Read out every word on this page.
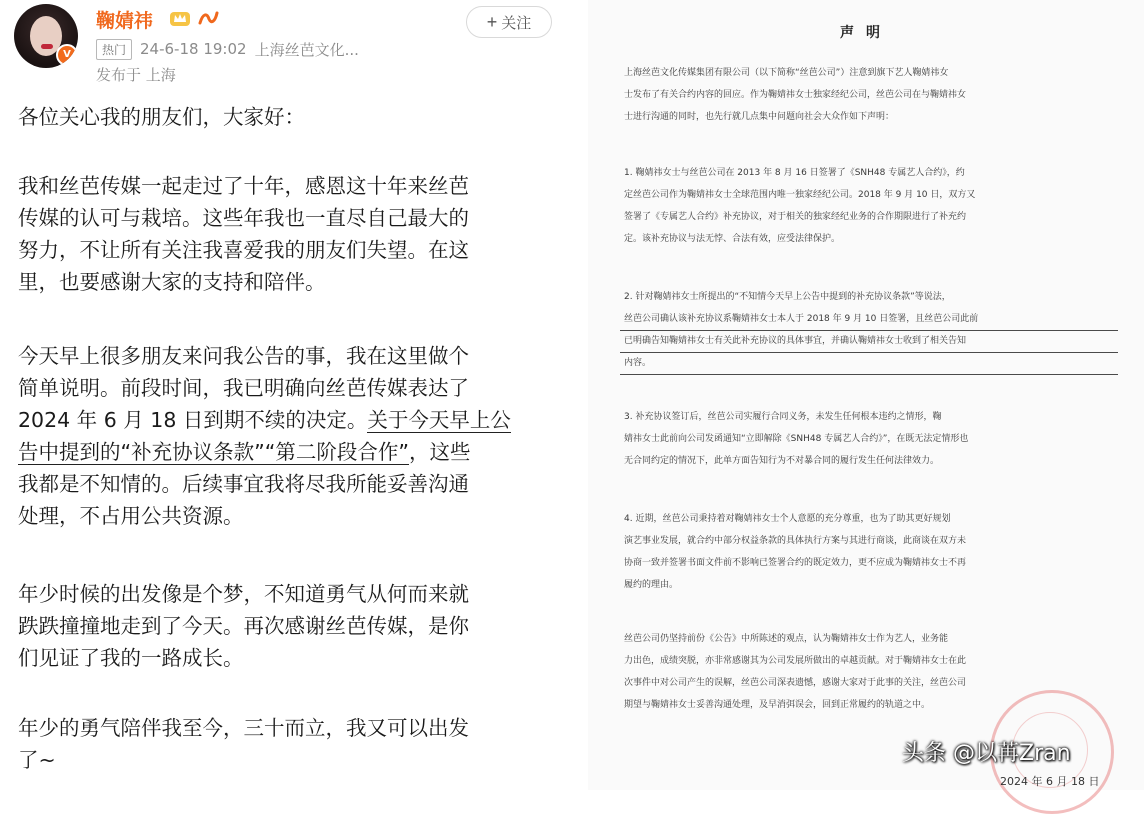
V
鞠婧祎
热门 24-6-18 19:02 上海丝芭文化...
发布于 上海
+ 关注

各位关心我的朋友们，大家好：

我和丝芭传媒一起走过了十年，感恩这十年来丝芭

传媒的认可与栽培。这些年我也一直尽自己最大的

努力，不让所有关注我喜爱我的朋友们失望。在这

里，也要感谢大家的支持和陪伴。

今天早上很多朋友来问我公告的事，我在这里做个

简单说明。前段时间，我已明确向丝芭传媒表达了

2024 年 6 月 18 日到期不续的决定。关于今天早上公

告中提到的“补充协议条款”“第二阶段合作”，这些

我都是不知情的。后续事宜我将尽我所能妥善沟通

处理，不占用公共资源。

年少时候的出发像是个梦，不知道勇气从何而来就

跌跌撞撞地走到了今天。再次感谢丝芭传媒，是你

们见证了我的一路成长。

年少的勇气陪伴我至今，三十而立，我又可以出发

了~

声明

上海丝芭文化传媒集团有限公司（以下简称“丝芭公司”）注意到旗下艺人鞠婧祎女

士发布了有关合约内容的回应。作为鞠婧祎女士独家经纪公司，丝芭公司在与鞠婧祎女

士进行沟通的同时，也先行就几点集中问题向社会大众作如下声明：

1. 鞠婧祎女士与丝芭公司在 2013 年 8 月 16 日签署了《SNH48 专属艺人合约》，约

定丝芭公司作为鞠婧祎女士全球范围内唯一独家经纪公司。2018 年 9 月 10 日，双方又

签署了《专属艺人合约》补充协议，对于相关的独家经纪业务的合作期限进行了补充约

定。该补充协议与法无悖、合法有效，应受法律保护。

2. 针对鞠婧祎女士所提出的“不知情今天早上公告中提到的补充协议条款”等说法，

丝芭公司确认该补充协议系鞠婧祎女士本人于 2018 年 9 月 10 日签署，且丝芭公司此前

已明确告知鞠婧祎女士有关此补充协议的具体事宜，并确认鞠婧祎女士收到了相关告知

内容。

3. 补充协议签订后，丝芭公司实履行合同义务，未发生任何根本违约之情形，鞠

婧祎女士此前向公司发函通知“立即解除《SNH48 专属艺人合约》”，在既无法定情形也

无合同约定的情况下，此单方面告知行为不对暴合同的履行发生任何法律效力。

4. 近期，丝芭公司秉持着对鞠婧祎女士个人意愿的充分尊重，也为了助其更好规划

演艺事业发展，就合约中部分权益条款的具体执行方案与其进行商谈，此商谈在双方未

协商一致并签署书面文件前不影响已签署合约的既定效力，更不应成为鞠婧祎女士不再

履约的理由。

丝芭公司仍坚持前份《公告》中所陈述的观点，认为鞠婧祎女士作为艺人，业务能

力出色，成绩突脱，亦非常感谢其为公司发展所做出的卓越贡献。对于鞠婧祎女士在此

次事件中对公司产生的误解，丝芭公司深表遗憾，感谢大家对于此事的关注，丝芭公司

期望与鞠婧祎女士妥善沟通处理，及早消弭误会，回到正常履约的轨道之中。

2024 年 6 月 18 日
头条 @以苒Zran
